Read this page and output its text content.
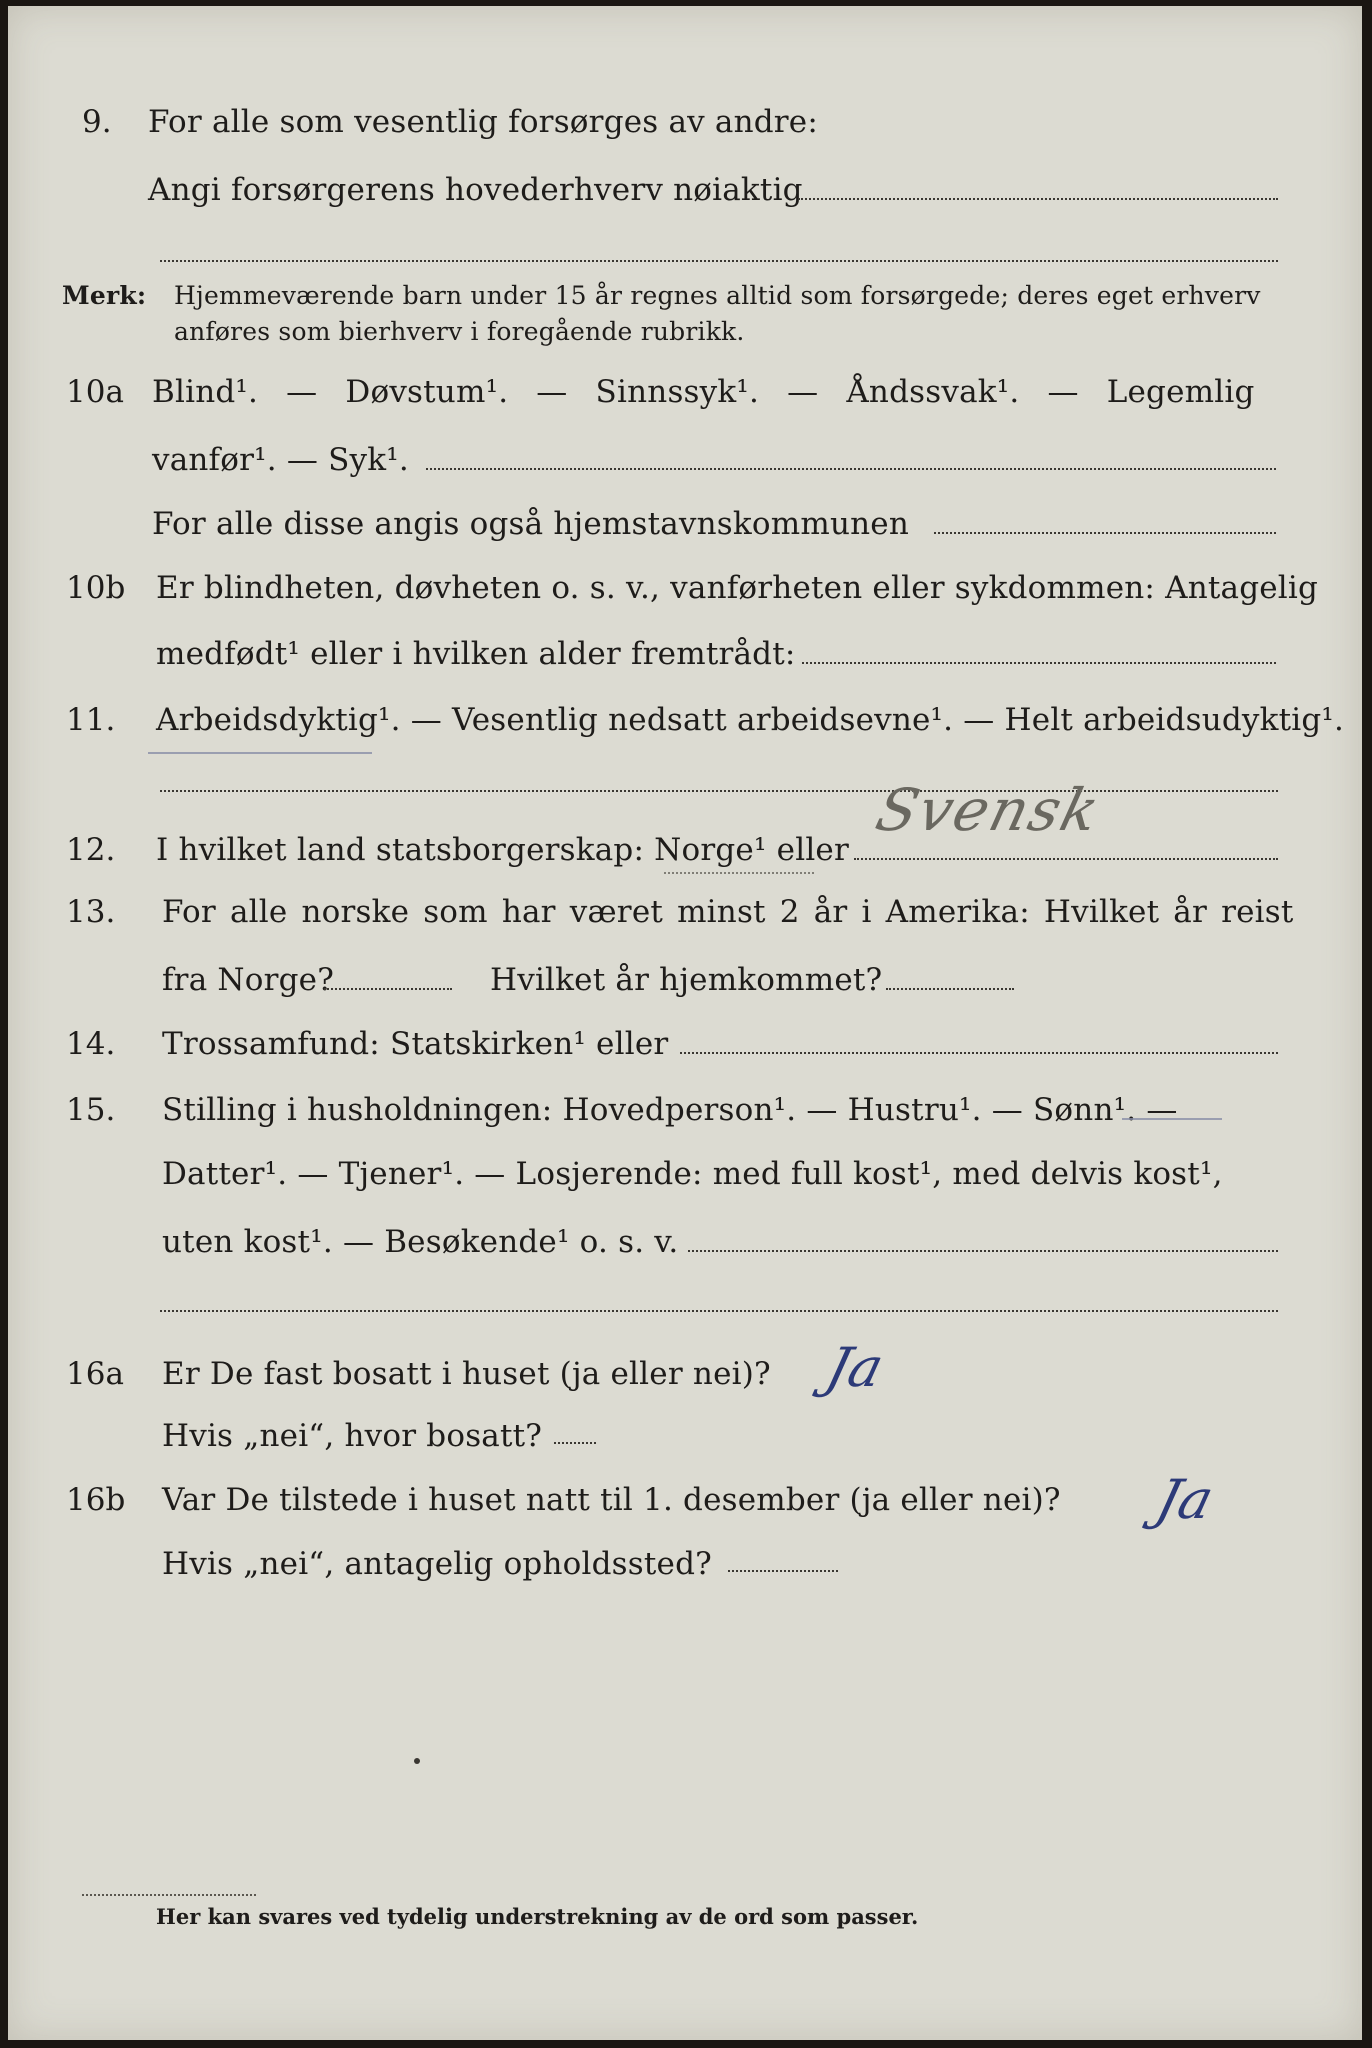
9. For alle som vesentlig forsørges av andre:
Angi forsørgerens hovederhverv nøiaktig
Merk: Hjemmeværende barn under 15 år regnes alltid som forsørgede; deres eget erhverv
anføres som bierhverv i foregående rubrikk.
10a Blind¹. — Døvstum¹. — Sinnssyk¹. — Åndssvak¹. — Legemlig
vanfør¹. — Syk¹.
For alle disse angis også hjemstavnskommunen
10b Er blindheten, døvheten o. s. v., vanførheten eller sykdommen: Antagelig
medfødt¹ eller i hvilken alder fremtrådt:
11. Arbeidsdyktig¹. — Vesentlig nedsatt arbeidsevne¹. — Helt arbeidsudyktig¹.
12. I hvilket land statsborgerskap: Norge¹ eller
Svensk
13. For alle norske som har været minst 2 år i Amerika: Hvilket år reist
fra Norge?	Hvilket år hjemkommet?
14. Trossamfund: Statskirken¹ eller
15. Stilling i husholdningen: Hovedperson¹. — Hustru¹. — Sønn¹. —
Datter¹. — Tjener¹. — Losjerende: med full kost¹, med delvis kost¹,
uten kost¹. — Besøkende¹ o. s. v.
16a Er De fast bosatt i huset (ja eller nei)? Ja
Hvis „nei“, hvor bosatt?
16b Var De tilstede i huset natt til 1. desember (ja eller nei)? Ja
Hvis „nei“, antagelig opholdssted?
Her kan svares ved tydelig understrekning av de ord som passer.
